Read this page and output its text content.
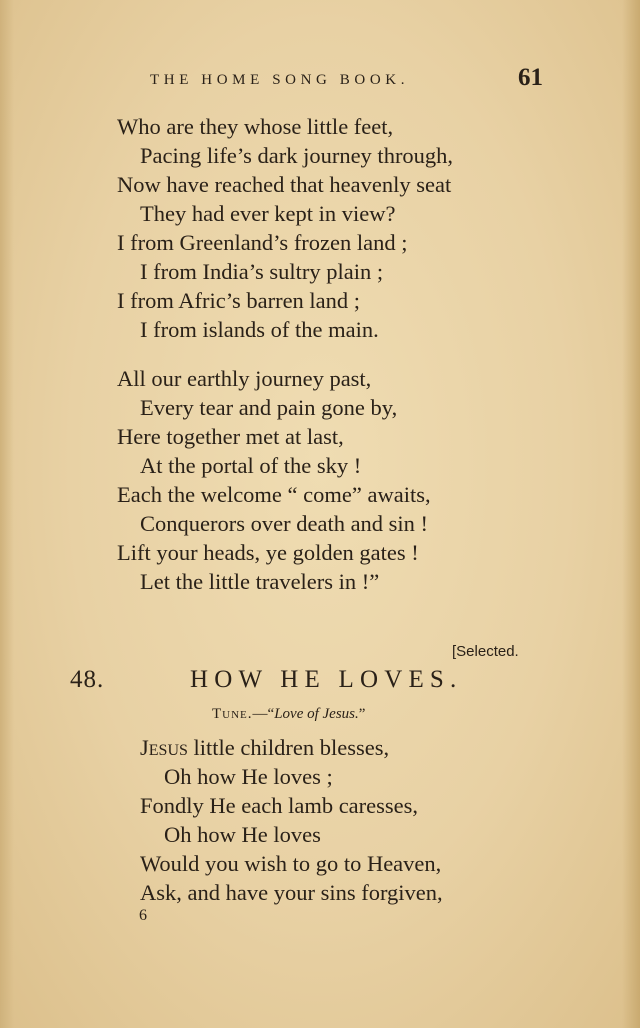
THE HOME SONG BOOK.	61
Who are they whose little feet,
Pacing life’s dark journey through,
Now have reached that heavenly seat
They had ever kept in view?
I from Greenland’s frozen land ;
I from India’s sultry plain ;
I from Afric’s barren land ;
I from islands of the main.
All our earthly journey past,
Every tear and pain gone by,
Here together met at last,
At the portal of the sky !
Each the welcome “ come” awaits,
Conquerors over death and sin !
Lift your heads, ye golden gates !
Let the little travelers in !”
[Selected.
48.	HOW HE LOVES.
Tune.—“Love of Jesus.”
Jesus little children blesses,
Oh how He loves ;
Fondly He each lamb caresses,
Oh how He loves
Would you wish to go to Heaven,
Ask, and have your sins forgiven,
6
